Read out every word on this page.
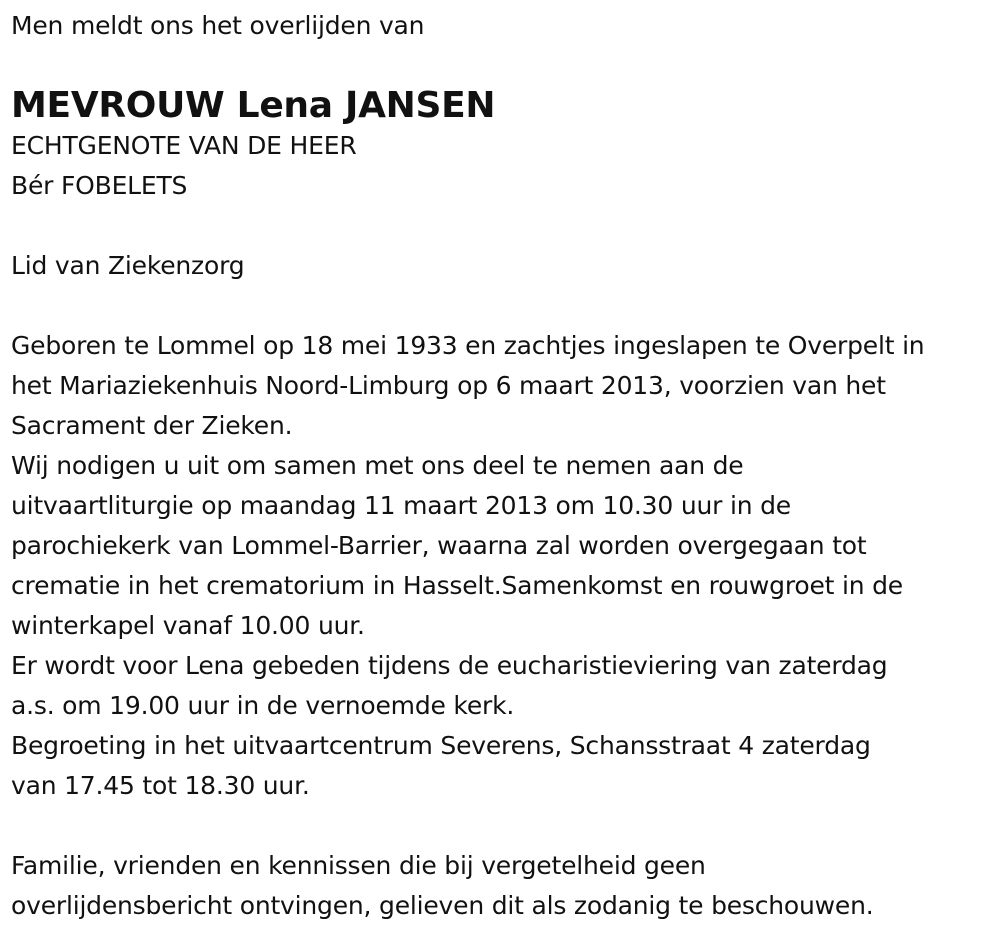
Men meldt ons het overlijden van
MEVROUW Lena JANSEN
ECHTGENOTE VAN DE HEER
Bér FOBELETS
Lid van Ziekenzorg
Geboren te Lommel op 18 mei 1933 en zachtjes ingeslapen te Overpelt in
het Mariaziekenhuis Noord-Limburg op 6 maart 2013, voorzien van het
Sacrament der Zieken.
Wij nodigen u uit om samen met ons deel te nemen aan de
uitvaartliturgie op maandag 11 maart 2013 om 10.30 uur in de
parochiekerk van Lommel-Barrier, waarna zal worden overgegaan tot
crematie in het crematorium in Hasselt.Samenkomst en rouwgroet in de
winterkapel vanaf 10.00 uur.
Er wordt voor Lena gebeden tijdens de eucharistieviering van zaterdag
a.s. om 19.00 uur in de vernoemde kerk.
Begroeting in het uitvaartcentrum Severens, Schansstraat 4 zaterdag
van 17.45 tot 18.30 uur.
Familie, vrienden en kennissen die bij vergetelheid geen
overlijdensbericht ontvingen, gelieven dit als zodanig te beschouwen.
